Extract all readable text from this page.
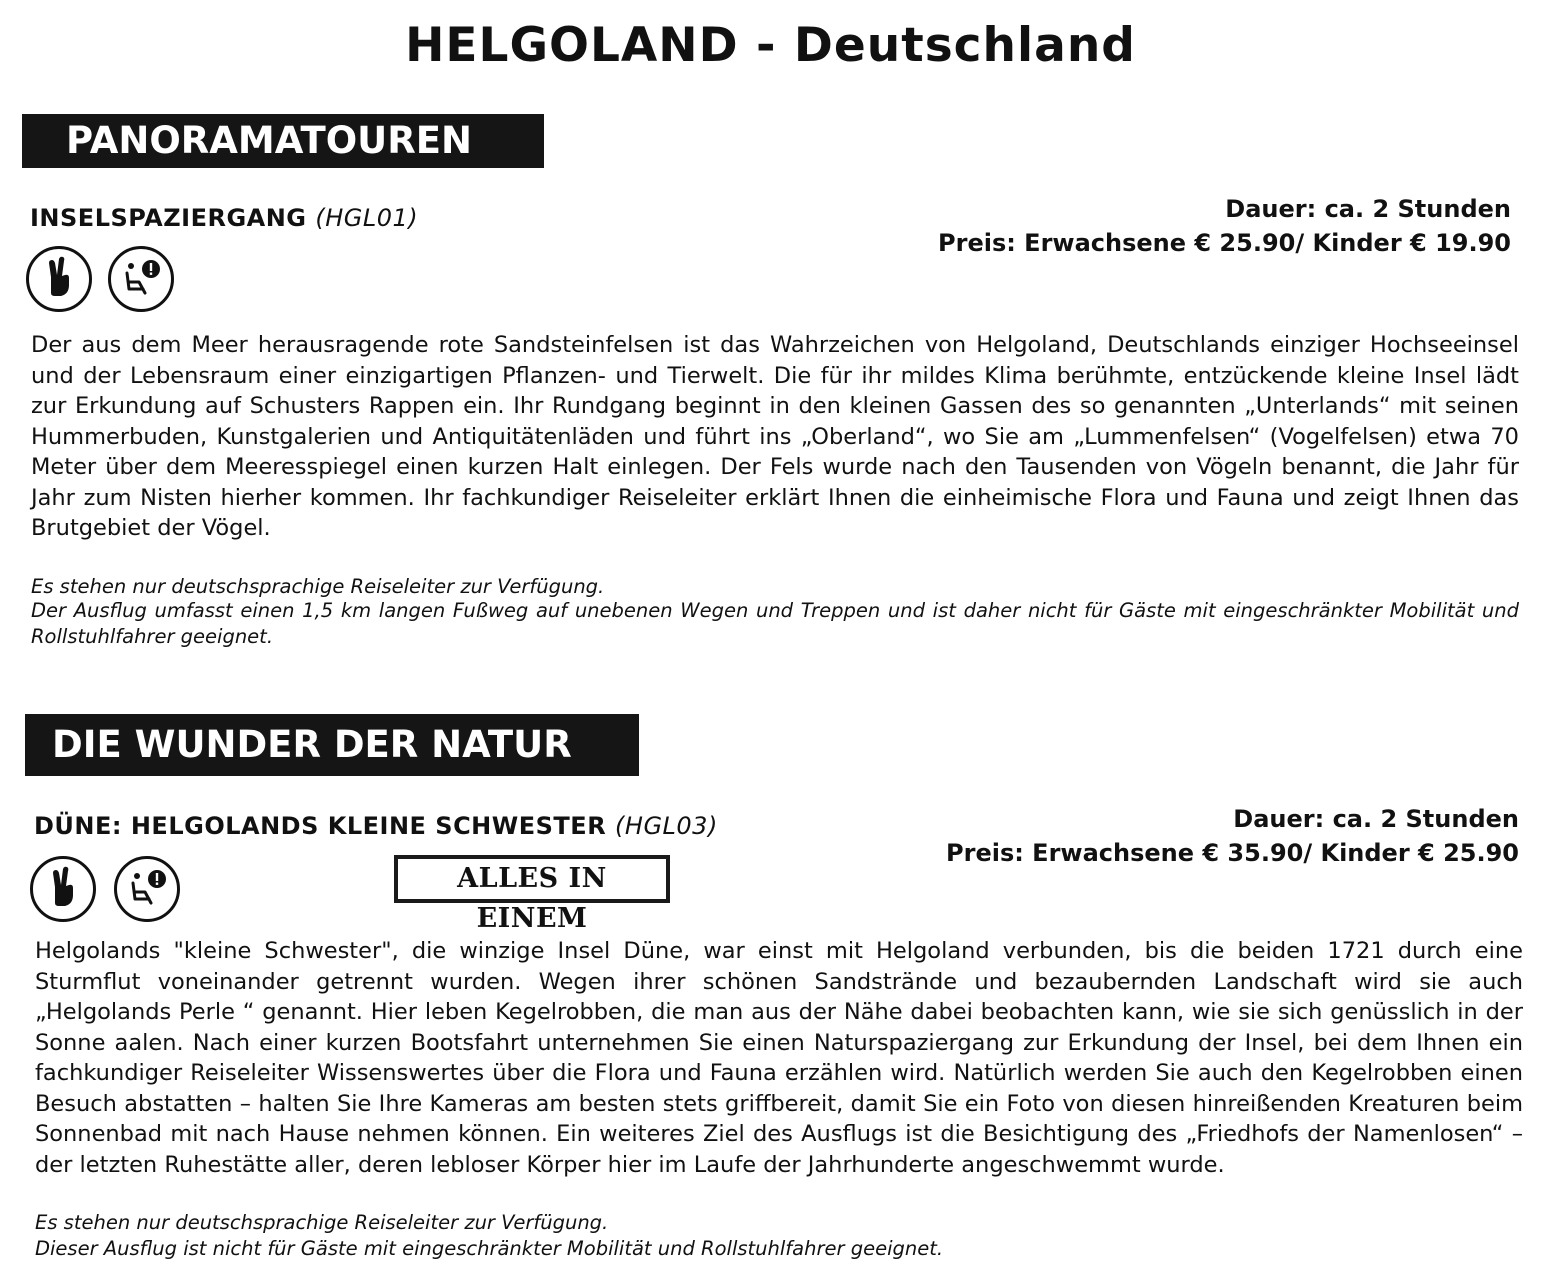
HELGOLAND - Deutschland
PANORAMATOUREN
INSELSPAZIERGANG (HGL01)	Dauer: ca. 2 Stunden
Preis: Erwachsene € 25.90/ Kinder € 19.90
Der aus dem Meer herausragende rote Sandsteinfelsen ist das Wahrzeichen von Helgoland, Deutschlands einziger Hochseeinsel und der Lebensraum einer einzigartigen Pflanzen- und Tierwelt. Die für ihr mildes Klima berühmte, entzückende kleine Insel lädt zur Erkundung auf Schusters Rappen ein. Ihr Rundgang beginnt in den kleinen Gassen des so genannten „Unterlands“ mit seinen Hummerbuden, Kunstgalerien und Antiquitätenläden und führt ins „Oberland“, wo Sie am „Lummenfelsen“ (Vogelfelsen) etwa 70 Meter über dem Meeresspiegel einen kurzen Halt einlegen. Der Fels wurde nach den Tausenden von Vögeln benannt, die Jahr für Jahr zum Nisten hierher kommen. Ihr fachkundiger Reiseleiter erklärt Ihnen die einheimische Flora und Fauna und zeigt Ihnen das Brutgebiet der Vögel.
Es stehen nur deutschsprachige Reiseleiter zur Verfügung.
Der Ausflug umfasst einen 1,5 km langen Fußweg auf unebenen Wegen und Treppen und ist daher nicht für Gäste mit eingeschränkter Mobilität und Rollstuhlfahrer geeignet.
DIE WUNDER DER NATUR
DÜNE: HELGOLANDS KLEINE SCHWESTER (HGL03)	Dauer: ca. 2 Stunden
Preis: Erwachsene € 35.90/ Kinder € 25.90
ALLES IN EINEM
Helgolands "kleine Schwester", die winzige Insel Düne, war einst mit Helgoland verbunden, bis die beiden 1721 durch eine Sturmflut voneinander getrennt wurden. Wegen ihrer schönen Sandstrände und bezaubernden Landschaft wird sie auch „Helgolands Perle “ genannt. Hier leben Kegelrobben, die man aus der Nähe dabei beobachten kann, wie sie sich genüsslich in der Sonne aalen. Nach einer kurzen Bootsfahrt unternehmen Sie einen Naturspaziergang zur Erkundung der Insel, bei dem Ihnen ein fachkundiger Reiseleiter Wissenswertes über die Flora und Fauna erzählen wird. Natürlich werden Sie auch den Kegelrobben einen Besuch abstatten – halten Sie Ihre Kameras am besten stets griffbereit, damit Sie ein Foto von diesen hinreißenden Kreaturen beim Sonnenbad mit nach Hause nehmen können. Ein weiteres Ziel des Ausflugs ist die Besichtigung des „Friedhofs der Namenlosen“ – der letzten Ruhestätte aller, deren lebloser Körper hier im Laufe der Jahrhunderte angeschwemmt wurde.
Es stehen nur deutschsprachige Reiseleiter zur Verfügung.
Dieser Ausflug ist nicht für Gäste mit eingeschränkter Mobilität und Rollstuhlfahrer geeignet.
